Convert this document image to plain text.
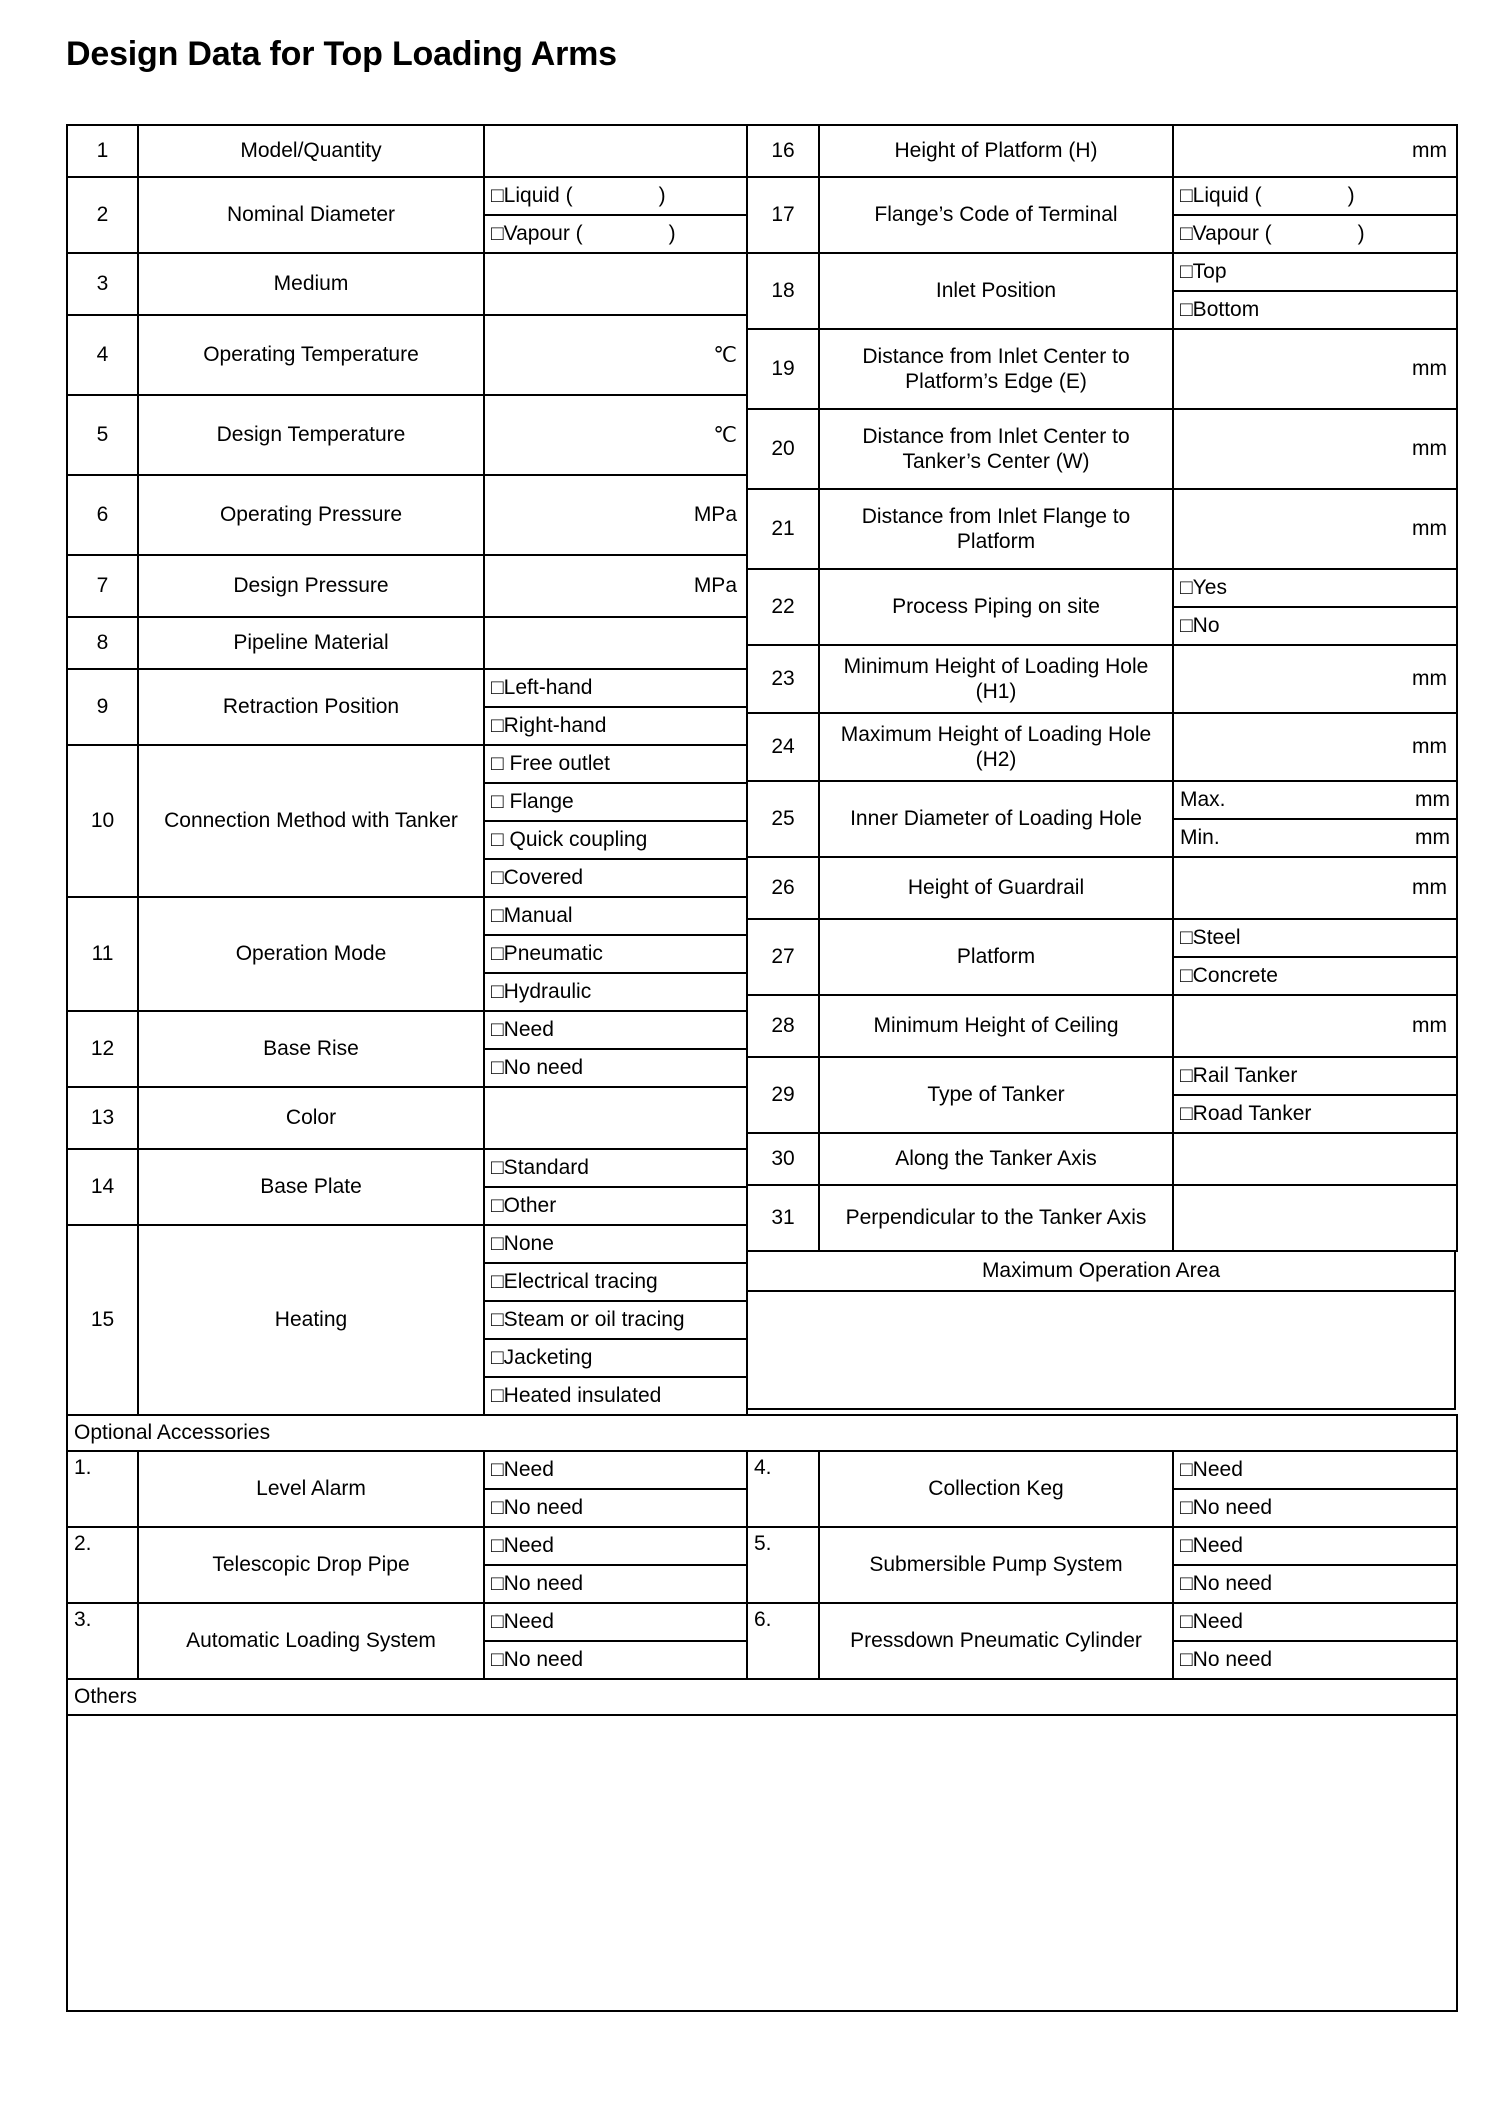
Design Data for Top Loading Arms
Optional Accessories
1.	Level Alarm	
□Need
□No need
	4.	Collection Keg	
□Need
□No need

2.	Telescopic Drop Pipe	
□Need
□No need
	5.	Submersible Pump System	
□Need
□No need

3.	Automatic Loading System	
□Need
□No need
	6.	Pressdown Pneumatic Cylinder	
□Need
□No need

Others

1	Model/Quantity	
2	Nominal Diameter	
□Liquid (	)
□Vapour (	)

3	Medium	
4	Operating Temperature	℃
5	Design Temperature	℃
6	Operating Pressure	MPa
7	Design Pressure	MPa
8	Pipeline Material	
9	Retraction Position	
□Left-hand
□Right-hand

10	Connection Method with Tanker	
□ Free outlet
□ Flange
□ Quick coupling
□Covered

11	Operation Mode	
□Manual
□Pneumatic
□Hydraulic

12	Base Rise	
□Need
□No need

13	Color	
14	Base Plate	
□Standard
□Other

15	Heating	
□None
□Electrical tracing
□Steam or oil tracing
□Jacketing
□Heated insulated
16	Height of Platform (H)	mm
17	Flange’s Code of Terminal	
□Liquid (	)
□Vapour (	)

18	Inlet Position	
□Top
□Bottom

19	Distance from Inlet Center to Platform’s Edge (E)	mm
20	Distance from Inlet Center to Tanker’s Center (W)	mm
21	Distance from Inlet Flange to Platform	mm
22	Process Piping on site	
□Yes
□No

23	Minimum Height of Loading Hole (H1)	mm
24	Maximum Height of Loading Hole (H2)	mm
25	Inner Diameter of Loading Hole	
Max.	mm

Min.	mm

26	Height of Guardrail	mm
27	Platform	
□Steel
□Concrete

28	Minimum Height of Ceiling	mm
29	Type of Tanker	
□Rail Tanker
□Road Tanker

30	Along the Tanker Axis	
31	Perpendicular to the Tanker Axis	
Maximum Operation Area
